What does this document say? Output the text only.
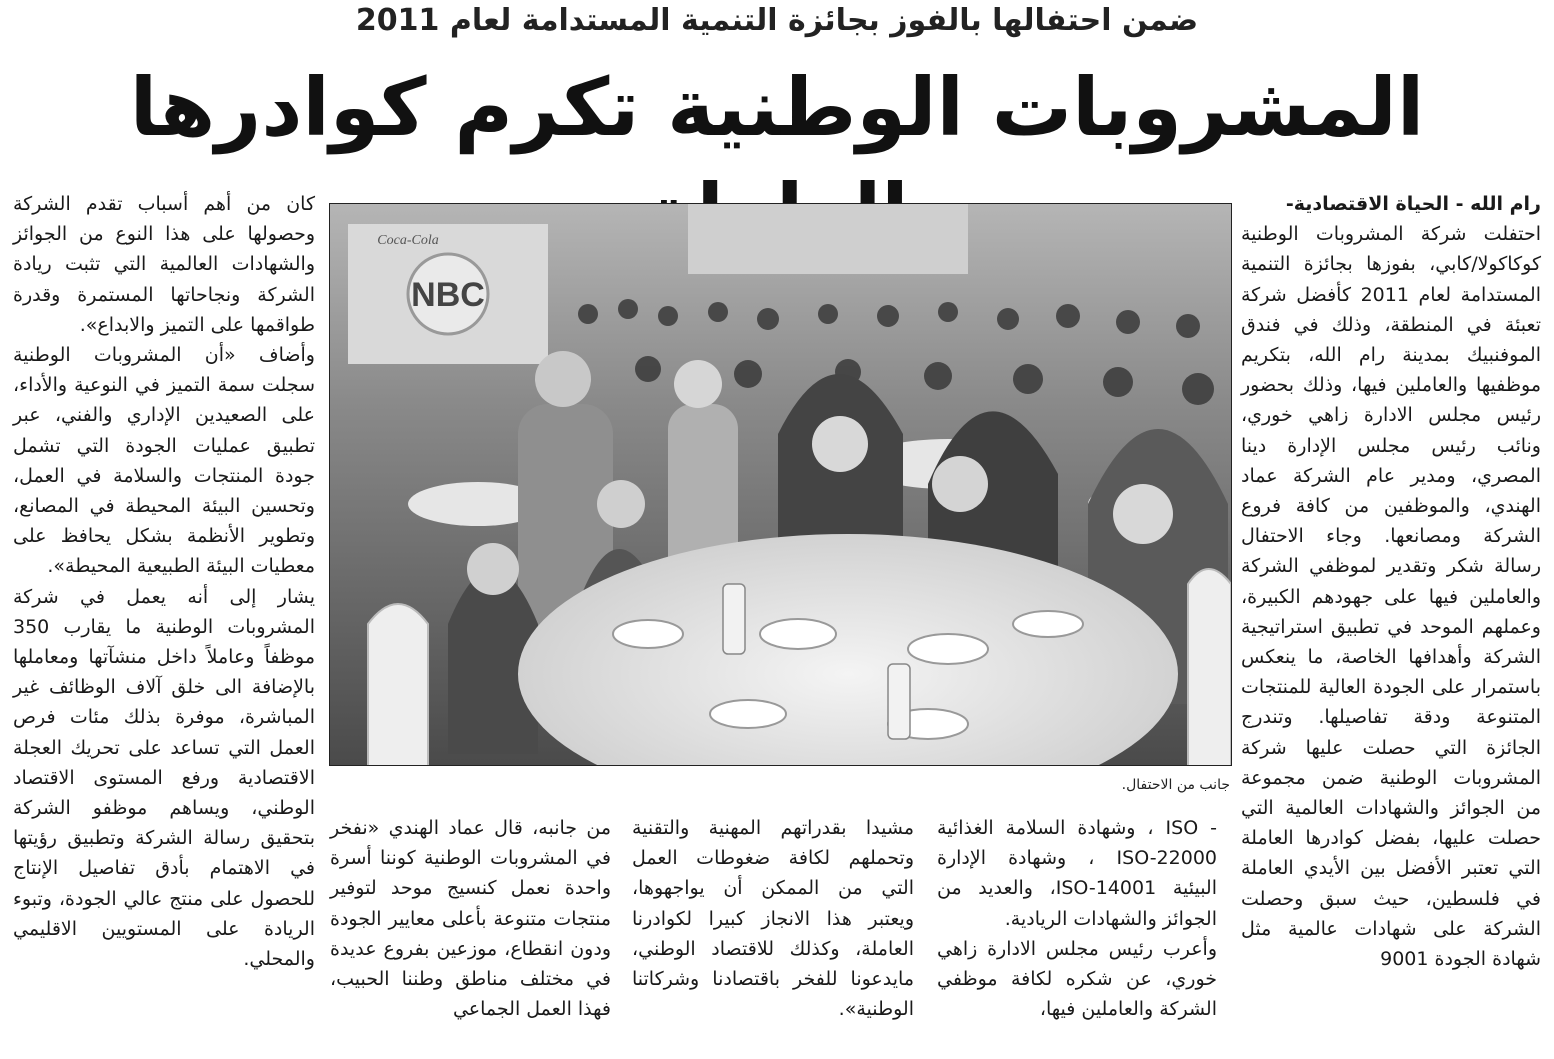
ضمن احتفالها بالفوز بجائزة التنمية المستدامة لعام 2011
المشروبات الوطنية تكرم كوادرها

رام الله - الحياة الاقتصادية-

احتفلت شركة المشروبات الوطنية كوكاكولا/كابي، بفوزها بجائزة التنمية المستدامة لعام 2011 كأفضل شركة تعبئة في المنطقة، وذلك في فندق الموفنبيك بمدينة رام الله، بتكريم موظفيها والعاملين فيها، وذلك بحضور رئيس مجلس الادارة زاهي خوري، ونائب رئيس مجلس الإدارة دينا المصري، ومدير عام الشركة عماد الهندي، والموظفين من كافة فروع الشركة ومصانعها. وجاء الاحتفال رسالة شكر وتقدير لموظفي الشركة والعاملين فيها على جهودهم الكبيرة، وعملهم الموحد في تطبيق استراتيجية الشركة وأهدافها الخاصة، ما ينعكس باستمرار على الجودة العالية للمنتجات المتنوعة ودقة تفاصيلها. وتندرج الجائزة التي حصلت عليها شركة المشروبات الوطنية ضمن مجموعة من الجوائز والشهادات العالمية التي حصلت عليها، بفضل كوادرها العاملة التي تعتبر الأفضل بين الأيدي العاملة في فلسطين، حيث سبق وحصلت الشركة على شهادات عالمية مثل شهادة الجودة 9001

NBC
Coca-Cola
جانب من الاحتفال.

- ISO ، وشهادة السلامة الغذائية ISO-22000 ، وشهادة الإدارة البيئية ISO-14001، والعديد من الجوائز والشهادات الريادية.

وأعرب رئيس مجلس الادارة زاهي خوري، عن شكره لكافة موظفي الشركة والعاملين فيها،

مشيدا بقدراتهم المهنية والتقنية وتحملهم لكافة ضغوطات العمل التي من الممكن أن يواجهوها، ويعتبر هذا الانجاز كبيرا لكوادرنا العاملة، وكذلك للاقتصاد الوطني، مايدعونا للفخر باقتصادنا وشركاتنا الوطنية».

من جانبه، قال عماد الهندي «نفخر في المشروبات الوطنية كوننا أسرة واحدة نعمل كنسيج موحد لتوفير منتجات متنوعة بأعلى معايير الجودة ودون انقطاع، موزعين بفروع عديدة في مختلف مناطق وطننا الحبيب، فهذا العمل الجماعي

كان من أهم أسباب تقدم الشركة وحصولها على هذا النوع من الجوائز والشهادات العالمية التي تثبت ريادة الشركة ونجاحاتها المستمرة وقدرة طواقمها على التميز والابداع».

وأضاف «أن المشروبات الوطنية سجلت سمة التميز في النوعية والأداء، على الصعيدين الإداري والفني، عبر تطبيق عمليات الجودة التي تشمل جودة المنتجات والسلامة في العمل، وتحسين البيئة المحيطة في المصانع، وتطوير الأنظمة بشكل يحافظ على معطيات البيئة الطبيعية المحيطة».

يشار إلى أنه يعمل في شركة المشروبات الوطنية ما يقارب 350 موظفاً وعاملاً داخل منشآتها ومعاملها بالإضافة الى خلق آلاف الوظائف غير المباشرة، موفرة بذلك مئات فرص العمل التي تساعد على تحريك العجلة الاقتصادية ورفع المستوى الاقتصاد الوطني، ويساهم موظفو الشركة بتحقيق رسالة الشركة وتطبيق رؤيتها في الاهتمام بأدق تفاصيل الإنتاج للحصول على منتج عالي الجودة، وتبوء الريادة على المستويين الاقليمي والمحلي.
